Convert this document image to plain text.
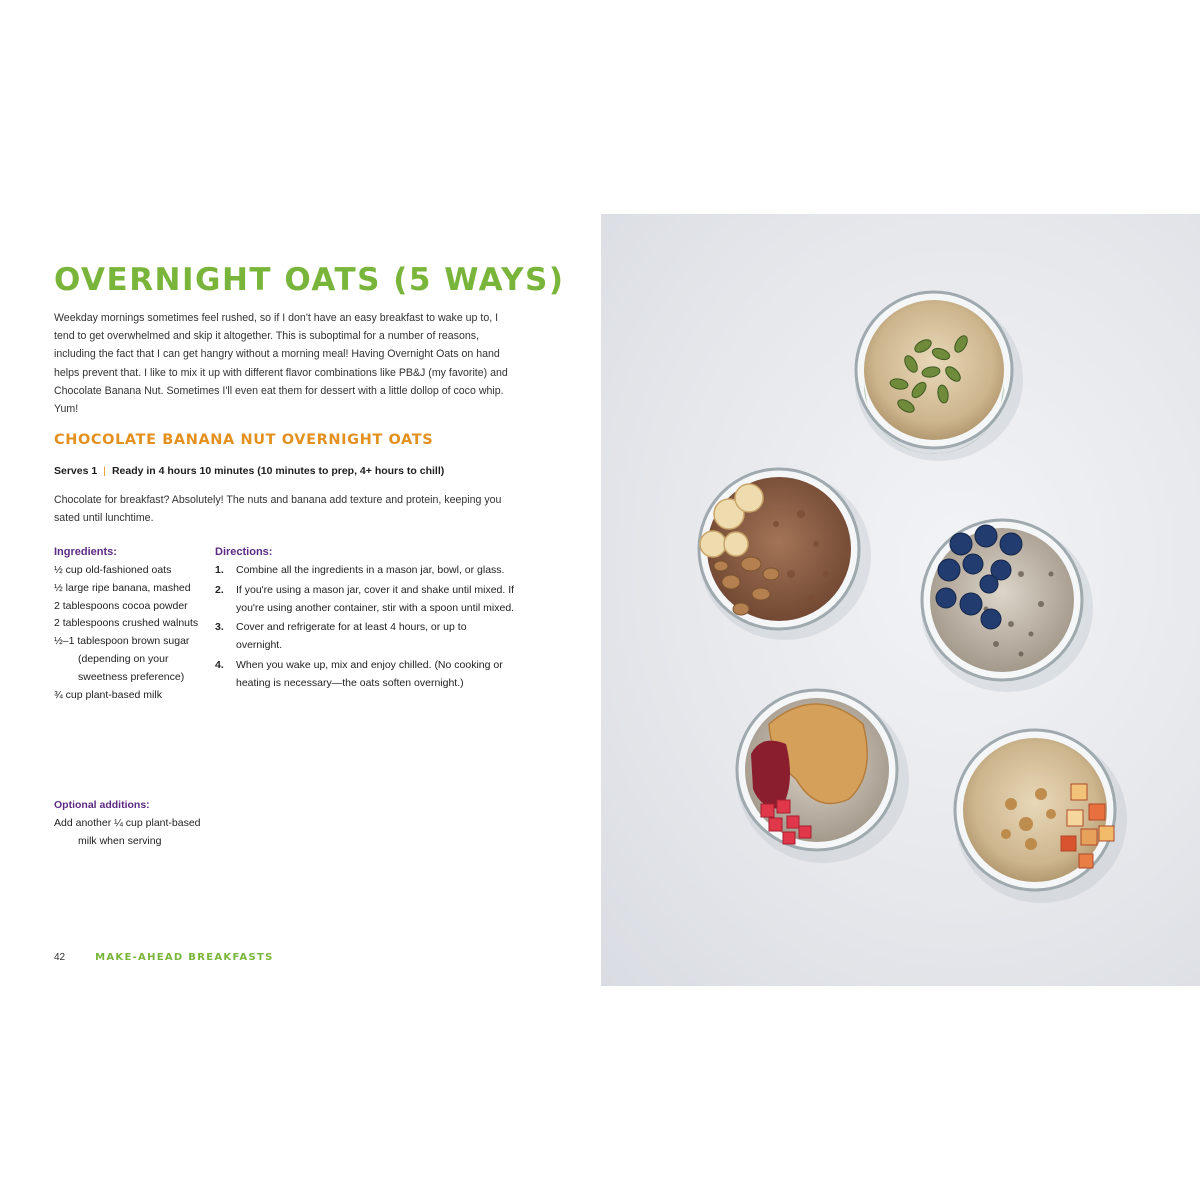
OVERNIGHT OATS (5 WAYS)

Weekday mornings sometimes feel rushed, so if I don't have an easy breakfast to wake up to, I tend to get overwhelmed and skip it altogether. This is suboptimal for a number of reasons, including the fact that I can get hangry without a morning meal! Having Overnight Oats on hand helps prevent that. I like to mix it up with different flavor combinations like PB&J (my favorite) and Chocolate Banana Nut. Sometimes I'll even eat them for dessert with a little dollop of coco whip. Yum!

CHOCOLATE BANANA NUT OVERNIGHT OATS
Serves 1 | Ready in 4 hours 10 minutes (10 minutes to prep, 4+ hours to chill)

Chocolate for breakfast? Absolutely! The nuts and banana add texture and protein, keeping you sated until lunchtime.

Ingredients:

½ cup old-fashioned oats
½ large ripe banana, mashed
2 tablespoons cocoa powder
2 tablespoons crushed walnuts
½–1 tablespoon brown sugar (depending on your sweetness preference)
¾ cup plant-based milk

Optional additions:

Add another ¼ cup plant-based milk when serving

Directions:

1.	Combine all the ingredients in a mason jar, bowl, or glass.
2.	If you're using a mason jar, cover it and shake until mixed. If you're using another container, stir with a spoon until mixed.
3.	Cover and refrigerate for at least 4 hours, or up to overnight.
4.	When you wake up, mix and enjoy chilled. (No cooking or heating is necessary—the oats soften overnight.)
42	MAKE-AHEAD BREAKFASTS
